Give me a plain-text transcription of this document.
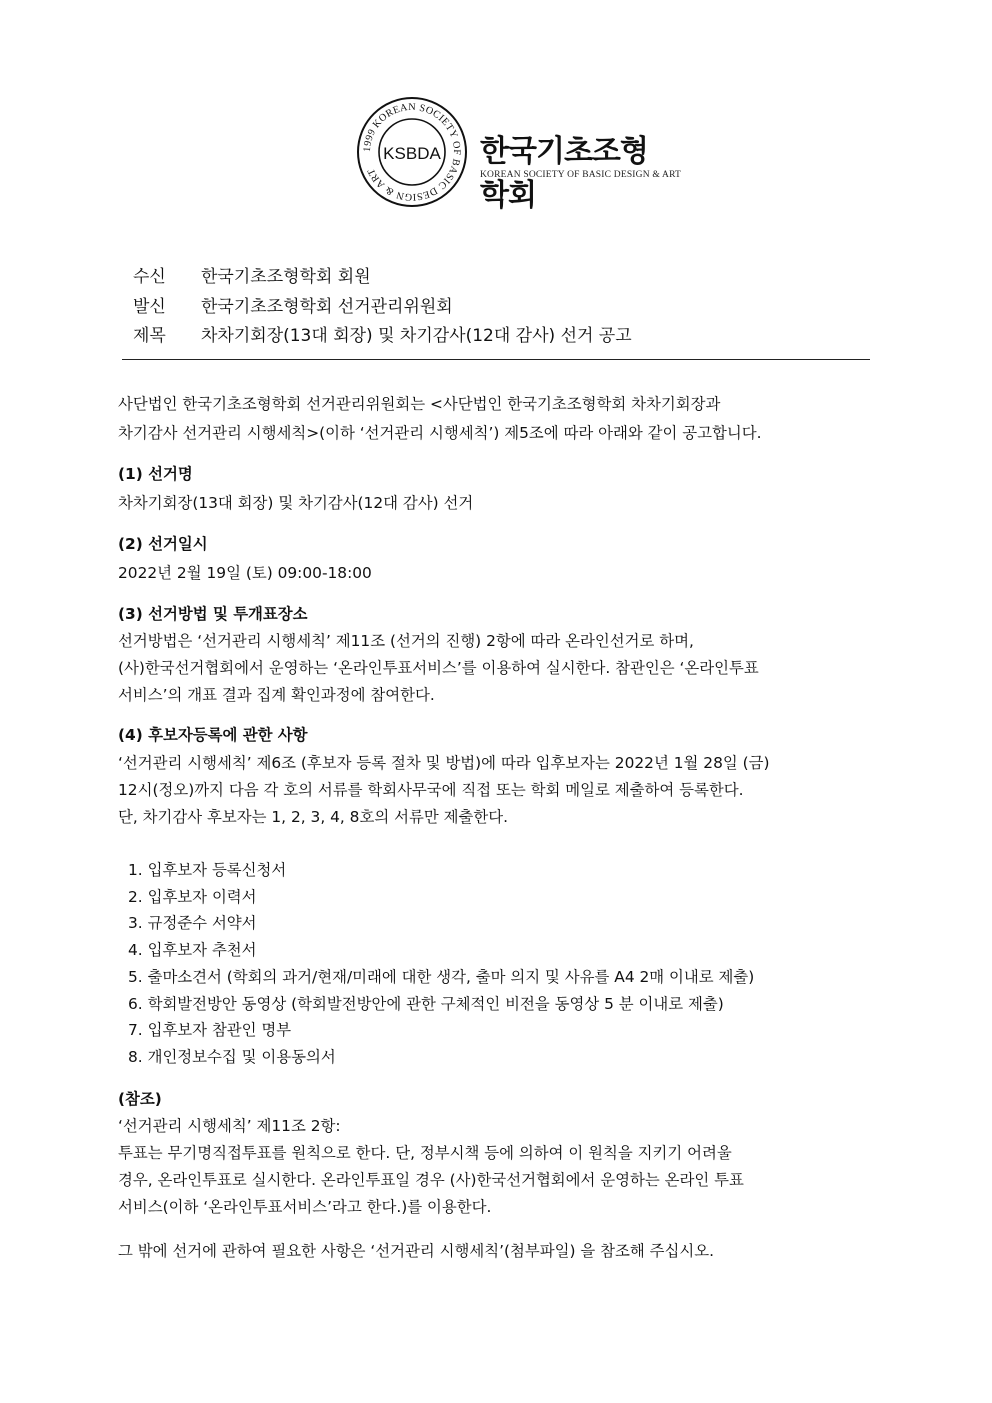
1999 KOREAN SOCIETY OF BASIC DESIGN & ART
KSBDA 한국기초조형학회
KOREAN SOCIETY OF BASIC DESIGN & ART
수신 한국기초조형학회 회원
발신 한국기초조형학회 선거관리위원회
제목 차차기회장(13대 회장) 및 차기감사(12대 감사) 선거 공고
사단법인 한국기초조형학회 선거관리위원회는 <사단법인 한국기초조형학회 차차기회장과
차기감사 선거관리 시행세칙>(이하 ‘선거관리 시행세칙’) 제5조에 따라 아래와 같이 공고합니다.
(1) 선거명
차차기회장(13대 회장) 및 차기감사(12대 감사) 선거
(2) 선거일시
2022년 2월 19일 (토) 09:00-18:00
(3) 선거방법 및 투개표장소
선거방법은 ‘선거관리 시행세칙’ 제11조 (선거의 진행) 2항에 따라 온라인선거로 하며,
(사)한국선거협회에서 운영하는 ‘온라인투표서비스’를 이용하여 실시한다. 참관인은 ‘온라인투표
서비스’의 개표 결과 집계 확인과정에 참여한다.
(4) 후보자등록에 관한 사항
‘선거관리 시행세칙’ 제6조 (후보자 등록 절차 및 방법)에 따라 입후보자는 2022년 1월 28일 (금)
12시(정오)까지 다음 각 호의 서류를 학회사무국에 직접 또는 학회 메일로 제출하여 등록한다.
단, 차기감사 후보자는 1, 2, 3, 4, 8호의 서류만 제출한다.
1. 입후보자 등록신청서
2. 입후보자 이력서
3. 규정준수 서약서
4. 입후보자 추천서
5. 출마소견서 (학회의 과거/현재/미래에 대한 생각, 출마 의지 및 사유를 A4 2매 이내로 제출)
6. 학회발전방안 동영상 (학회발전방안에 관한 구체적인 비전을 동영상 5 분 이내로 제출)
7. 입후보자 참관인 명부
8. 개인정보수집 및 이용동의서
(참조)
‘선거관리 시행세칙’ 제11조 2항:
투표는 무기명직접투표를 원칙으로 한다. 단, 정부시책 등에 의하여 이 원칙을 지키기 어려울
경우, 온라인투표로 실시한다. 온라인투표일 경우 (사)한국선거협회에서 운영하는 온라인 투표
서비스(이하 ‘온라인투표서비스’라고 한다.)를 이용한다.
그 밖에 선거에 관하여 필요한 사항은 ‘선거관리 시행세칙’(첨부파일) 을 참조해 주십시오.
